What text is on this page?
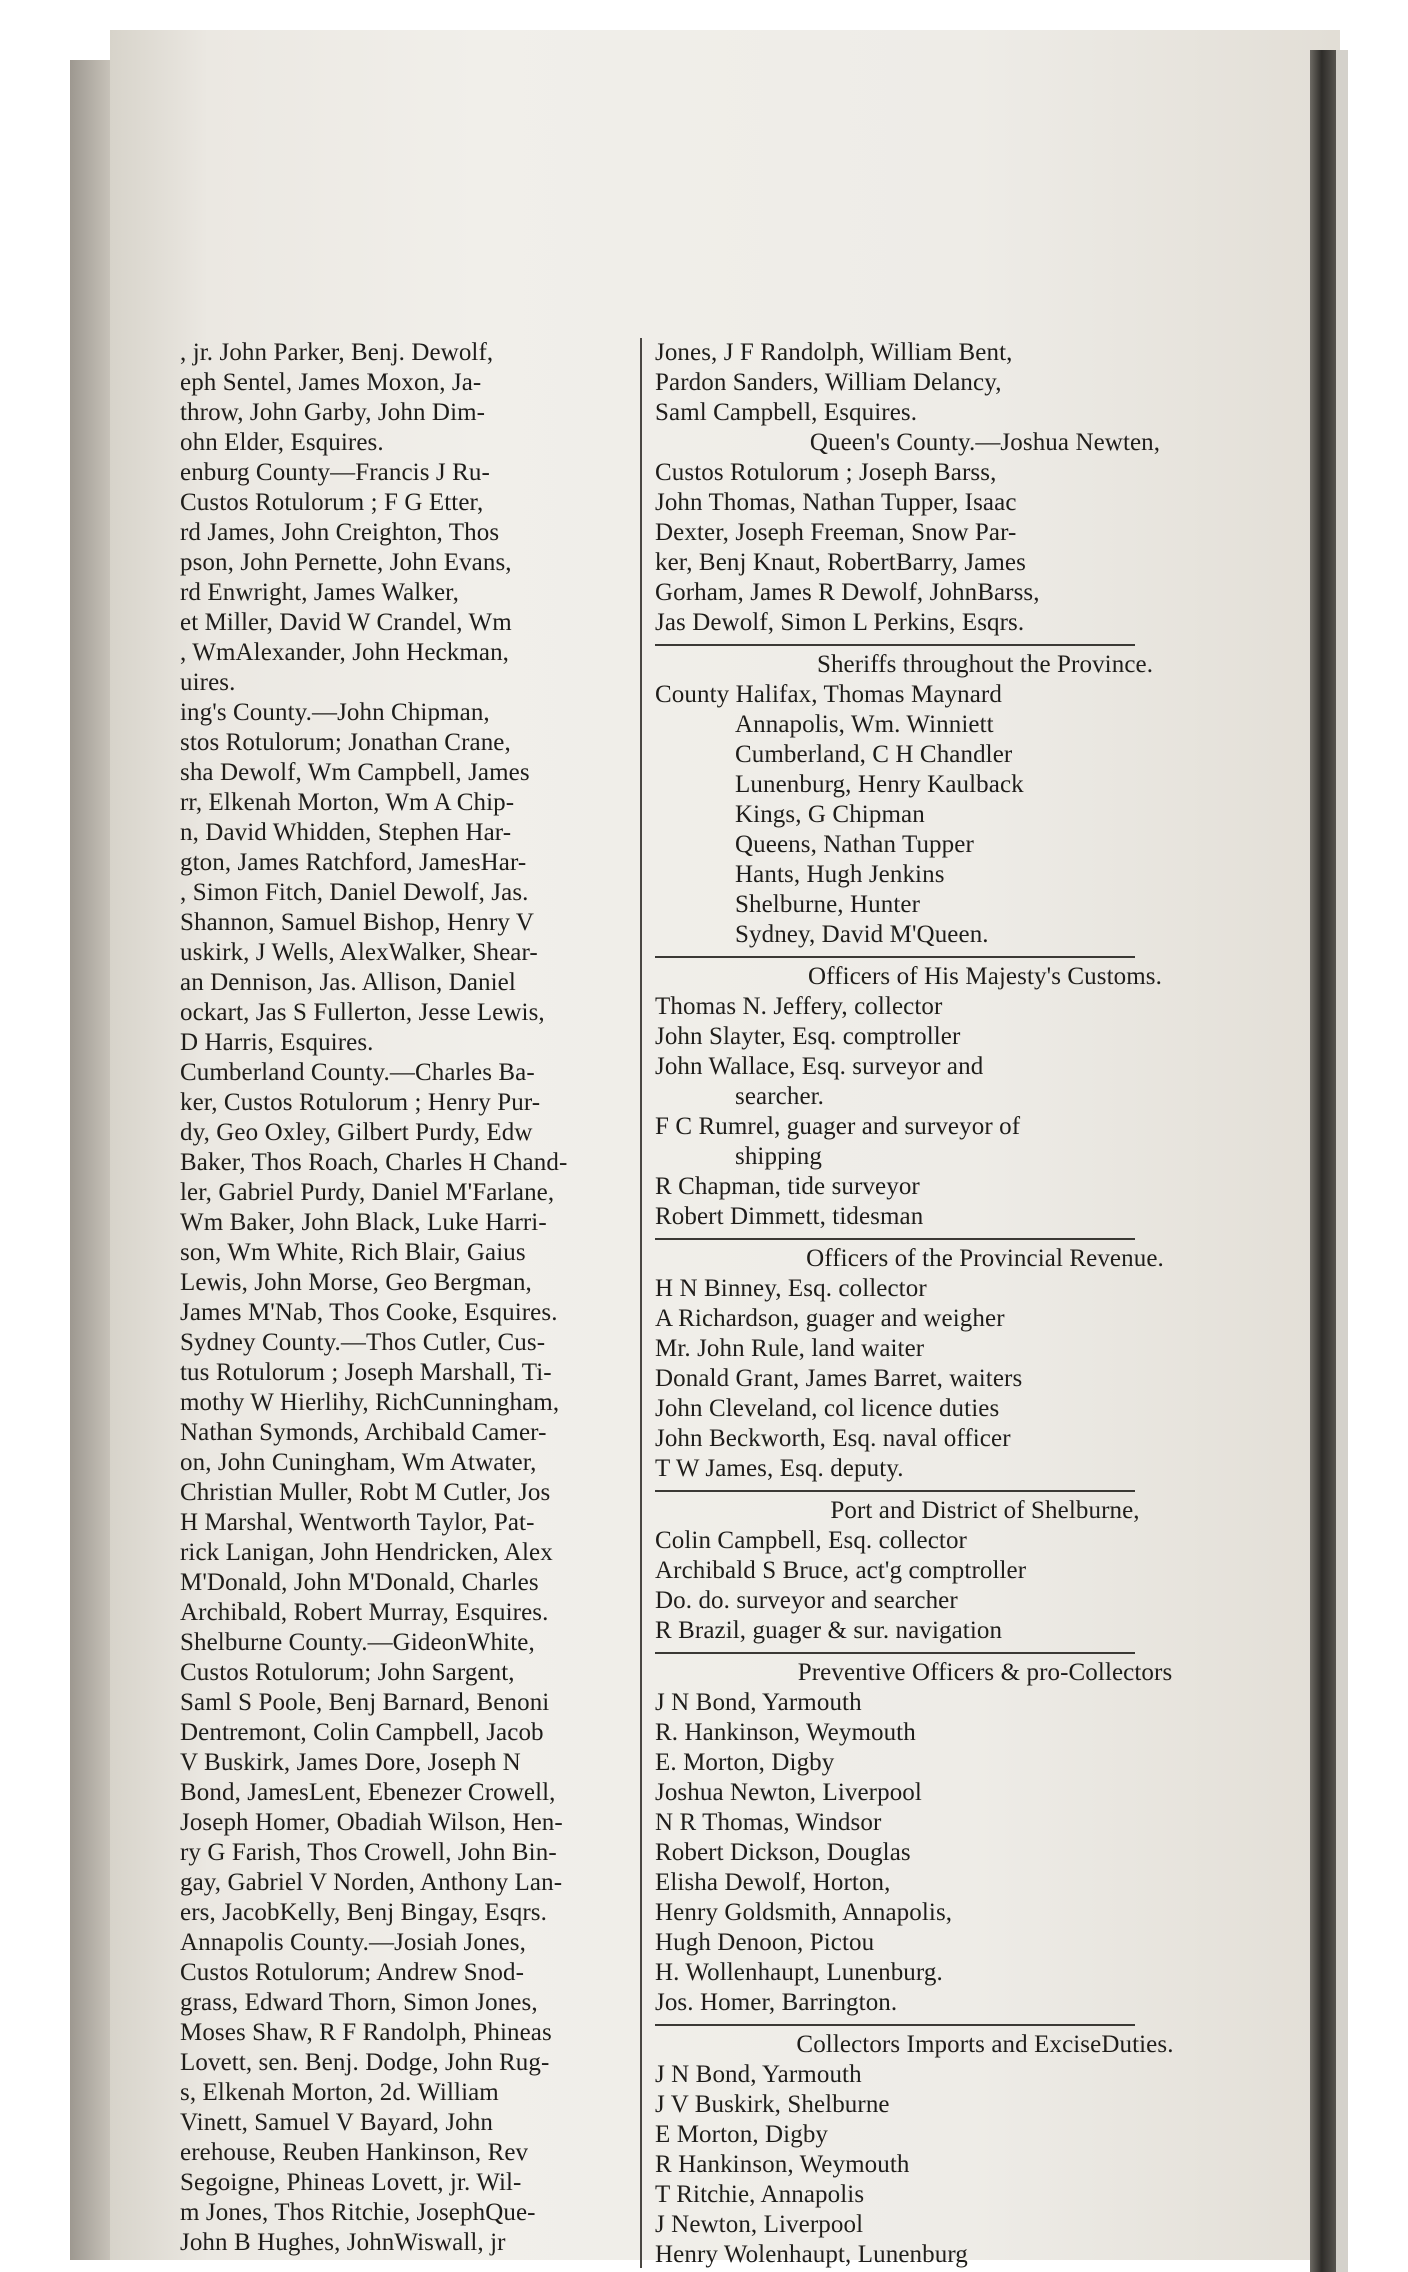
, jr. John Parker, Benj. Dewolf,
eph Sentel, James Moxon, Ja-
throw, John Garby, John Dim-
ohn Elder, Esquires.
enburg County—Francis J Ru-
Custos Rotulorum ; F G Etter,
rd James, John Creighton, Thos
pson, John Pernette, John Evans,
rd Enwright, James Walker,
et Miller, David W Crandel, Wm
, WmAlexander, John Heckman,
uires.
ing's County.—John Chipman,
stos Rotulorum; Jonathan Crane,
sha Dewolf, Wm Campbell, James
rr, Elkenah Morton, Wm A Chip-
n, David Whidden, Stephen Har-
gton, James Ratchford, JamesHar-
, Simon Fitch, Daniel Dewolf, Jas.
Shannon, Samuel Bishop, Henry V
uskirk, J Wells, AlexWalker, Shear-
an Dennison, Jas. Allison, Daniel
ockart, Jas S Fullerton, Jesse Lewis,
D Harris, Esquires.
Cumberland County.—Charles Ba-
ker, Custos Rotulorum ; Henry Pur-
dy, Geo Oxley, Gilbert Purdy, Edw
Baker, Thos Roach, Charles H Chand-
ler, Gabriel Purdy, Daniel M'Farlane,
Wm Baker, John Black, Luke Harri-
son, Wm White, Rich Blair, Gaius
Lewis, John Morse, Geo Bergman,
James M'Nab, Thos Cooke, Esquires.
Sydney County.—Thos Cutler, Cus-
tus Rotulorum ; Joseph Marshall, Ti-
mothy W Hierlihy, RichCunningham,
Nathan Symonds, Archibald Camer-
on, John Cuningham, Wm Atwater,
Christian Muller, Robt M Cutler, Jos
H Marshal, Wentworth Taylor, Pat-
rick Lanigan, John Hendricken, Alex
M'Donald, John M'Donald, Charles
Archibald, Robert Murray, Esquires.
Shelburne County.—GideonWhite,
Custos Rotulorum; John Sargent,
Saml S Poole, Benj Barnard, Benoni
Dentremont, Colin Campbell, Jacob
V Buskirk, James Dore, Joseph N
Bond, JamesLent, Ebenezer Crowell,
Joseph Homer, Obadiah Wilson, Hen-
ry G Farish, Thos Crowell, John Bin-
gay, Gabriel V Norden, Anthony Lan-
ers, JacobKelly, Benj Bingay, Esqrs.
Annapolis County.—Josiah Jones,
Custos Rotulorum; Andrew Snod-
grass, Edward Thorn, Simon Jones,
Moses Shaw, R F Randolph, Phineas
Lovett, sen. Benj. Dodge, John Rug-
s, Elkenah Morton, 2d. William
Vinett, Samuel V Bayard, John
erehouse, Reuben Hankinson, Rev
Segoigne, Phineas Lovett, jr. Wil-
m Jones, Thos Ritchie, JosephQue-
John B Hughes, JohnWiswall, jr
Jones, J F Randolph, William Bent,
Pardon Sanders, William Delancy,
Saml Campbell, Esquires.
Queen's County.—Joshua Newten,
Custos Rotulorum ; Joseph Barss,
John Thomas, Nathan Tupper, Isaac
Dexter, Joseph Freeman, Snow Par-
ker, Benj Knaut, RobertBarry, James
Gorham, James R Dewolf, JohnBarss,
Jas Dewolf, Simon L Perkins, Esqrs.
Sheriffs throughout the Province.
County Halifax, Thomas Maynard
Annapolis, Wm. Winniett
Cumberland, C H Chandler
Lunenburg, Henry Kaulback
Kings, G Chipman
Queens, Nathan Tupper
Hants, Hugh Jenkins
Shelburne, Hunter
Sydney, David M'Queen.
Officers of His Majesty's Customs.
Thomas N. Jeffery, collector
John Slayter, Esq. comptroller
John Wallace, Esq. surveyor and
searcher.
F C Rumrel, guager and surveyor of
shipping
R Chapman, tide surveyor
Robert Dimmett, tidesman
Officers of the Provincial Revenue.
H N Binney, Esq. collector
A Richardson, guager and weigher
Mr. John Rule, land waiter
Donald Grant, James Barret, waiters
John Cleveland, col licence duties
John Beckworth, Esq. naval officer
T W James, Esq. deputy.
Port and District of Shelburne,
Colin Campbell, Esq. collector
Archibald S Bruce, act'g comptroller
Do. do. surveyor and searcher
R Brazil, guager & sur. navigation
Preventive Officers & pro-Collectors
J N Bond, Yarmouth
R. Hankinson, Weymouth
E. Morton, Digby
Joshua Newton, Liverpool
N R Thomas, Windsor
Robert Dickson, Douglas
Elisha Dewolf, Horton,
Henry Goldsmith, Annapolis,
Hugh Denoon, Pictou
H. Wollenhaupt, Lunenburg.
Jos. Homer, Barrington.
Collectors Imports and ExciseDuties.
J N Bond, Yarmouth
J V Buskirk, Shelburne
E Morton, Digby
R Hankinson, Weymouth
T Ritchie, Annapolis
J Newton, Liverpool
Henry Wolenhaupt, Lunenburg
